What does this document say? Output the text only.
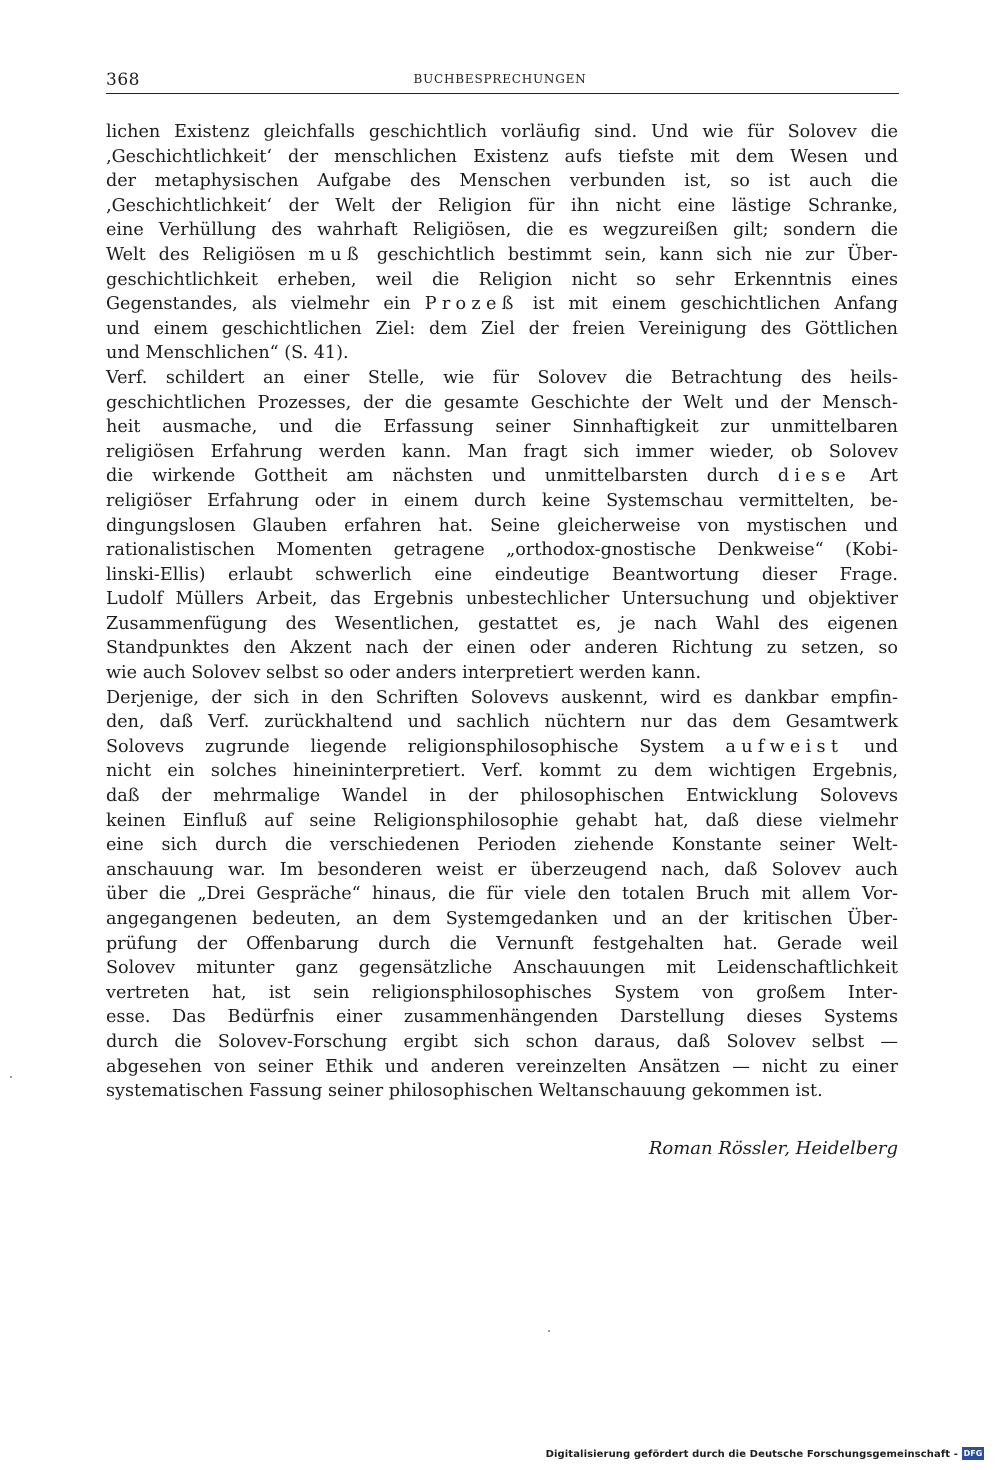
368	BUCHBESPRECHUNGEN
lichen Existenz gleichfalls geschichtlich vorläufig sind. Und wie für Solovev die
‚Geschichtlichkeit‘ der menschlichen Existenz aufs tiefste mit dem Wesen und
der metaphysischen Aufgabe des Menschen verbunden ist, so ist auch die
‚Geschichtlichkeit‘ der Welt der Religion für ihn nicht eine lästige Schranke,
eine Verhüllung des wahrhaft Religiösen, die es wegzureißen gilt; sondern die
Welt des Religiösen muß geschichtlich bestimmt sein, kann sich nie zur Über-
geschichtlichkeit erheben, weil die Religion nicht so sehr Erkenntnis eines
Gegenstandes, als vielmehr ein Prozeß ist mit einem geschichtlichen Anfang
und einem geschichtlichen Ziel: dem Ziel der freien Vereinigung des Göttlichen
und Menschlichen“ (S. 41).
Verf. schildert an einer Stelle, wie für Solovev die Betrachtung des heils-
geschichtlichen Prozesses, der die gesamte Geschichte der Welt und der Mensch-
heit ausmache, und die Erfassung seiner Sinnhaftigkeit zur unmittelbaren
religiösen Erfahrung werden kann. Man fragt sich immer wieder, ob Solovev
die wirkende Gottheit am nächsten und unmittelbarsten durch diese Art
religiöser Erfahrung oder in einem durch keine Systemschau vermittelten, be-
dingungslosen Glauben erfahren hat. Seine gleicherweise von mystischen und
rationalistischen Momenten getragene „orthodox-gnostische Denkweise“ (Kobi-
linski-Ellis) erlaubt schwerlich eine eindeutige Beantwortung dieser Frage.
Ludolf Müllers Arbeit, das Ergebnis unbestechlicher Untersuchung und objektiver
Zusammenfügung des Wesentlichen, gestattet es, je nach Wahl des eigenen
Standpunktes den Akzent nach der einen oder anderen Richtung zu setzen, so
wie auch Solovev selbst so oder anders interpretiert werden kann.
Derjenige, der sich in den Schriften Solovevs auskennt, wird es dankbar empfin-
den, daß Verf. zurückhaltend und sachlich nüchtern nur das dem Gesamtwerk
Solovevs zugrunde liegende religionsphilosophische System aufweist und
nicht ein solches hineininterpretiert. Verf. kommt zu dem wichtigen Ergebnis,
daß der mehrmalige Wandel in der philosophischen Entwicklung Solovevs
keinen Einfluß auf seine Religionsphilosophie gehabt hat, daß diese vielmehr
eine sich durch die verschiedenen Perioden ziehende Konstante seiner Welt-
anschauung war. Im besonderen weist er überzeugend nach, daß Solovev auch
über die „Drei Gespräche“ hinaus, die für viele den totalen Bruch mit allem Vor-
angegangenen bedeuten, an dem Systemgedanken und an der kritischen Über-
prüfung der Offenbarung durch die Vernunft festgehalten hat. Gerade weil
Solovev mitunter ganz gegensätzliche Anschauungen mit Leidenschaftlichkeit
vertreten hat, ist sein religionsphilosophisches System von großem Inter-
esse. Das Bedürfnis einer zusammenhängenden Darstellung dieses Systems
durch die Solovev-Forschung ergibt sich schon daraus, daß Solovev selbst —
abgesehen von seiner Ethik und anderen vereinzelten Ansätzen — nicht zu einer
systematischen Fassung seiner philosophischen Weltanschauung gekommen ist.
Roman Rössler, Heidelberg
Digitalisierung gefördert durch die Deutsche Forschungsgemeinschaft - DFG
